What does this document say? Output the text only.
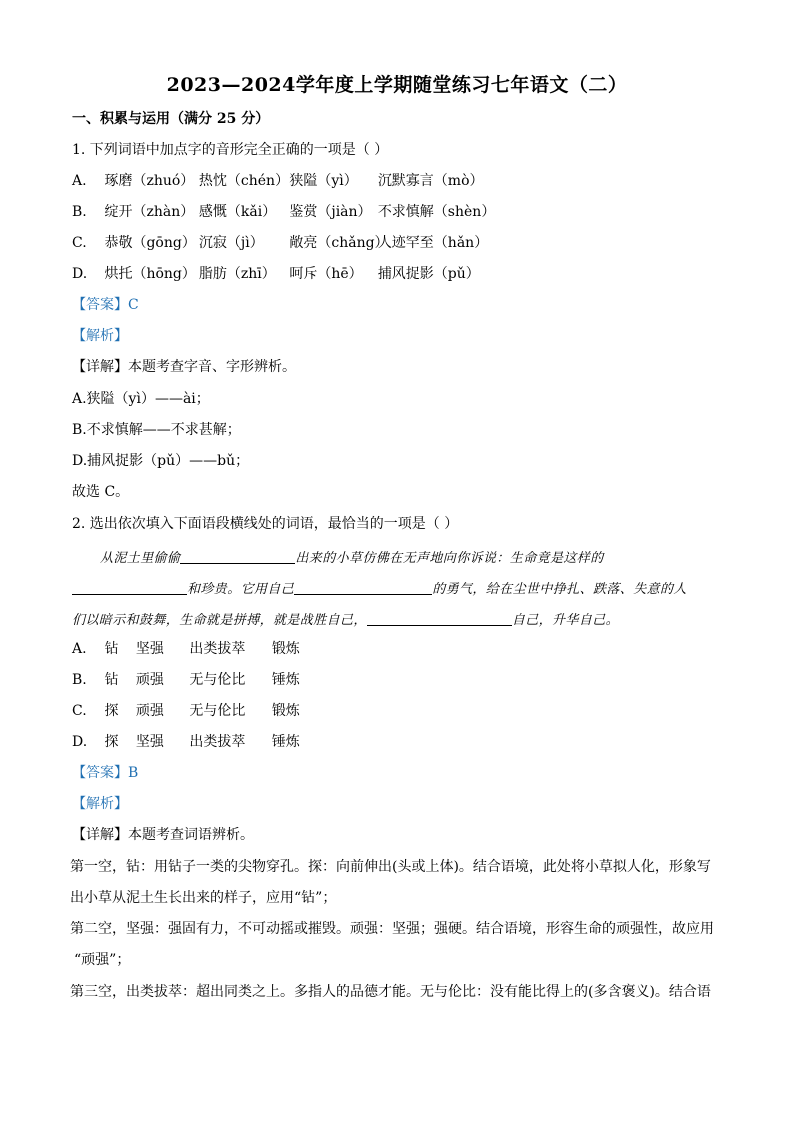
2023—2024学年度上学期随堂练习七年语文（二）
一、积累与运用（满分 25 分）
1. 下列词语中加点字的音形完全正确的一项是（ ）
A. 琢磨（zhuó） 热忱（chén） 狭隘（yì） 沉默寡言（mò）
B. 绽开（zhàn） 感慨（kǎi） 鉴赏（jiàn） 不求慎解（shèn）
C. 恭敬（gōng） 沉寂（jì） 敞亮（chǎng） 人迹罕至（hǎn）
D. 烘托（hōng） 脂肪（zhī） 呵斥（hē） 捕风捉影（pǔ）
【答案】C
【解析】
【详解】本题考查字音、字形辨析。
A.狭隘（yì）——ài；
B.不求慎解——不求甚解；
D.捕风捉影（pǔ）——bǔ；
故选 C。
2. 选出依次填入下面语段横线处的词语，最恰当的一项是（ ）
从泥土里偷偷	出来的小草仿佛在无声地向你诉说：生命竟是这样的
和珍贵。它用自己	的勇气，给在尘世中挣扎、跌落、失意的人
们以暗示和鼓舞，生命就是拼搏，就是战胜自己，	自己，升华自己。
A. 钻 坚强 出类拔萃 锻炼
B. 钻 顽强 无与伦比 锤炼
C. 探 顽强 无与伦比 锻炼
D. 探 坚强 出类拔萃 锤炼
【答案】B
【解析】
【详解】本题考查词语辨析。
第一空，钻：用钻子一类的尖物穿孔。探：向前伸出(头或上体)。结合语境，此处将小草拟人化，形象写
出小草从泥土生长出来的样子，应用“钻”；
第二空，坚强：强固有力，不可动摇或摧毁。顽强：坚强；强硬。结合语境，形容生命的顽强性，故应用
“顽强”；
第三空，出类拔萃：超出同类之上。多指人的品德才能。无与伦比：没有能比得上的(多含褒义)。结合语
